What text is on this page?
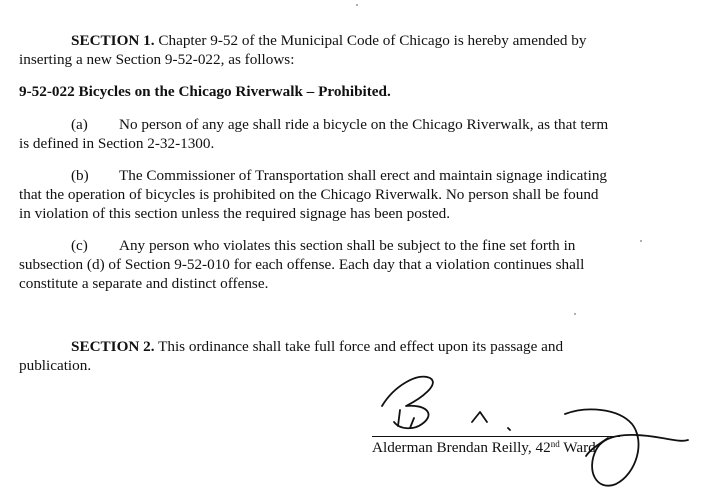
SECTION 1. Chapter 9-52 of the Municipal Code of Chicago is hereby amended by
inserting a new Section 9-52-022, as follows:

9-52-022 Bicycles on the Chicago Riverwalk – Prohibited.

(a) No person of any age shall ride a bicycle on the Chicago Riverwalk, as that term
is defined in Section 2-32-1300.

(b) The Commissioner of Transportation shall erect and maintain signage indicating
that the operation of bicycles is prohibited on the Chicago Riverwalk. No person shall be found
in violation of this section unless the required signage has been posted.

(c) Any person who violates this section shall be subject to the fine set forth in
subsection (d) of Section 9-52-010 for each offense. Each day that a violation continues shall
constitute a separate and distinct offense.

SECTION 2. This ordinance shall take full force and effect upon its passage and
publication.

Alderman Brendan Reilly, 42nd Ward
